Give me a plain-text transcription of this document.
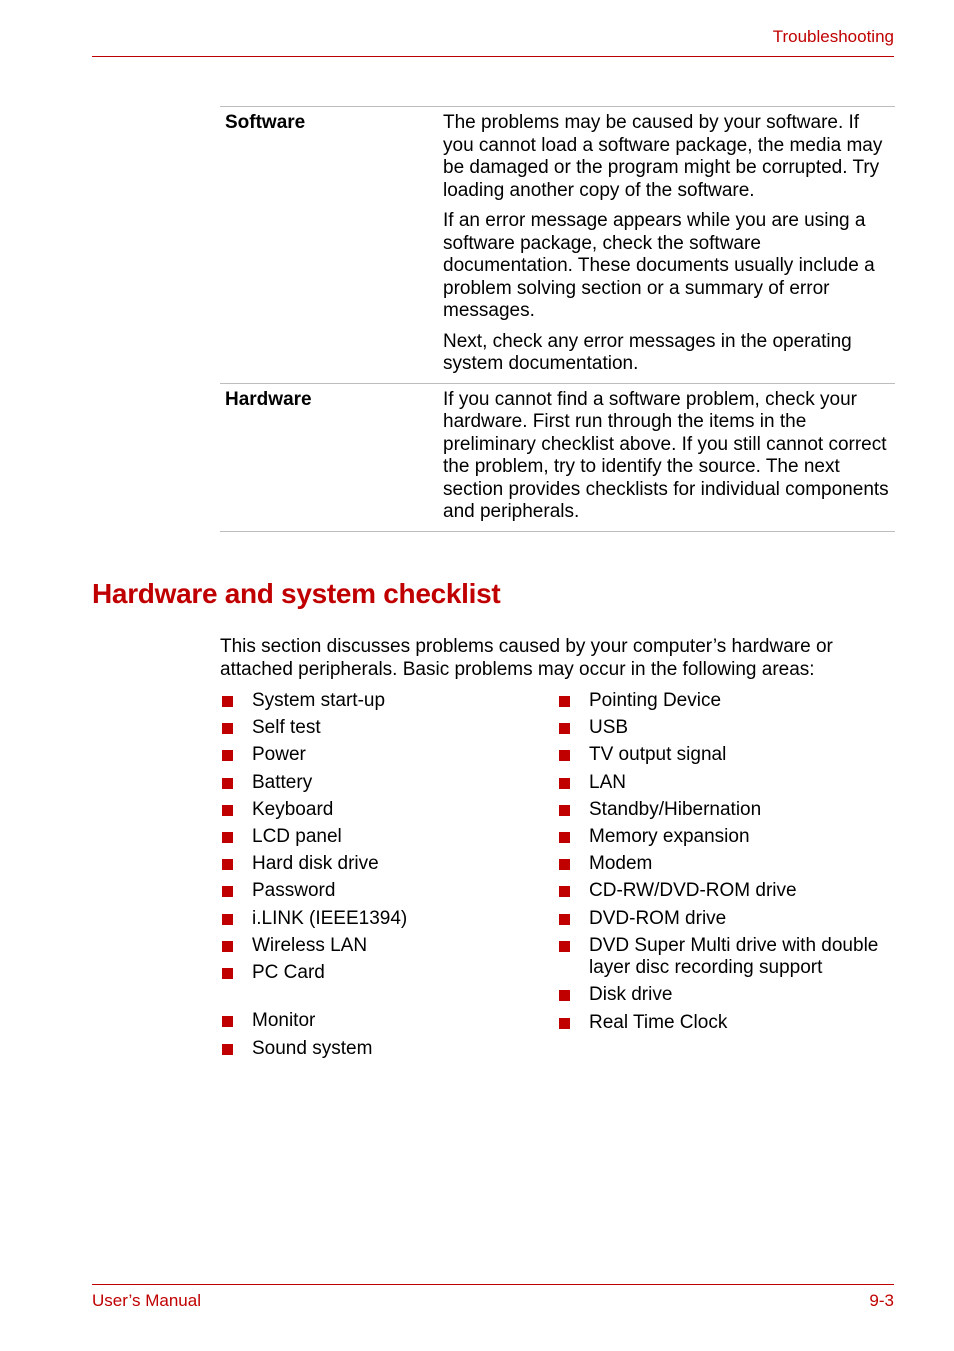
Troubleshooting
Software	The problems may be caused by your software. If you cannot load a software package, the media may be damaged or the program might be corrupted. Try loading another copy of the software.

If an error message appears while you are using a software package, check the software documentation. These documents usually include a problem solving section or a summary of error messages.

Next, check any error messages in the operating system documentation.

Hardware	If you cannot find a software problem, check your hardware. First run through the items in the preliminary checklist above. If you still cannot correct the problem, try to identify the source. The next section provides checklists for individual components and peripherals.

Hardware and system checklist

This section discusses problems caused by your computer’s hardware or attached peripherals. Basic problems may occur in the following areas:

System start-up
Self test
Power
Battery
Keyboard
LCD panel
Hard disk drive
Password
i.LINK (IEEE1394)
Wireless LAN
PC Card
Monitor
Sound system
Pointing Device
USB
TV output signal
LAN
Standby/Hibernation
Memory expansion
Modem
CD-RW/DVD-ROM drive
DVD-ROM drive
DVD Super Multi drive with double layer disc recording support
Disk drive
Real Time Clock
User’s Manual	9-3
